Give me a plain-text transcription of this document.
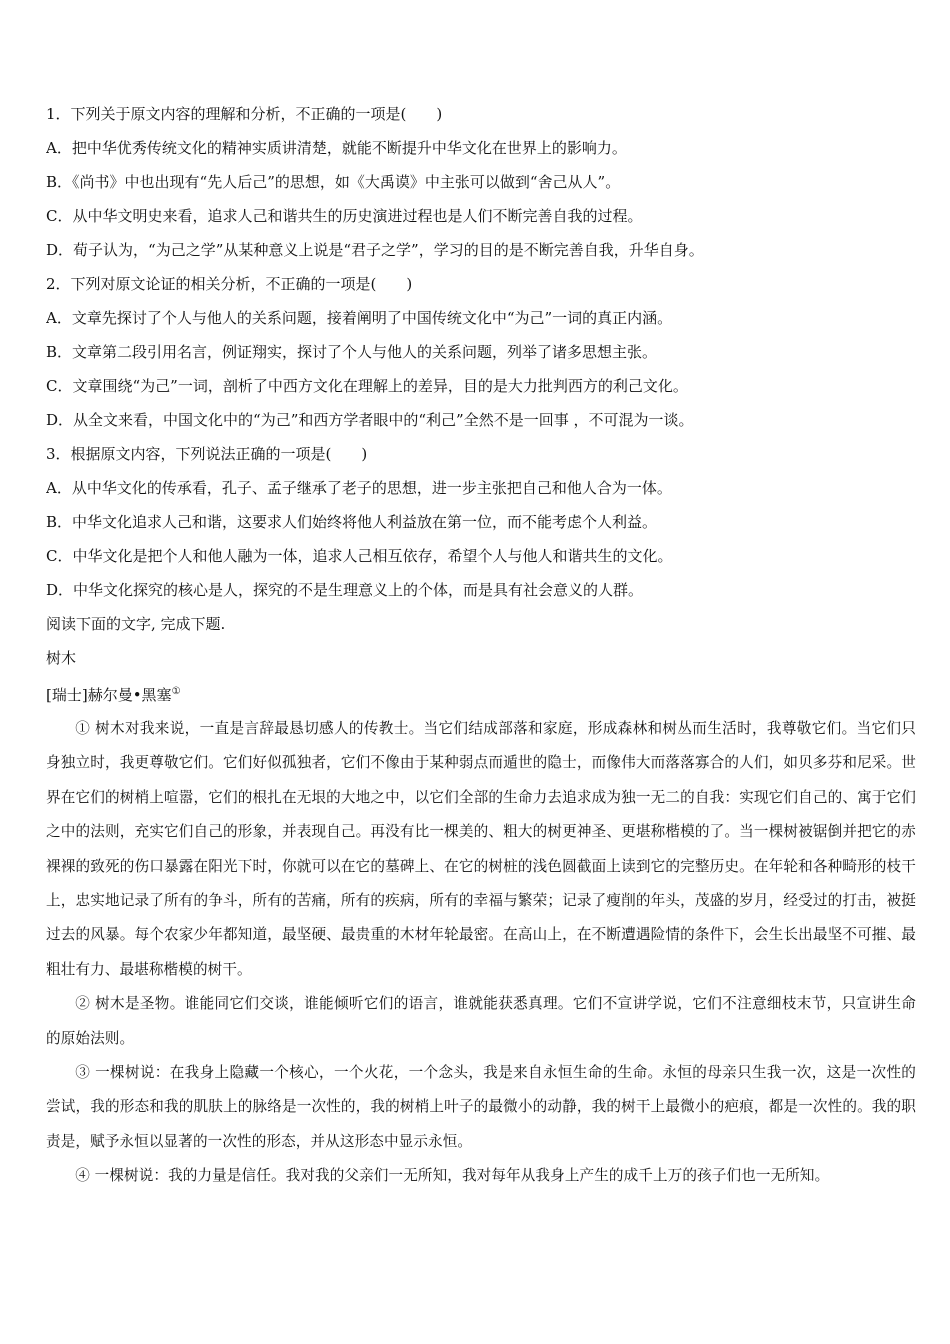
1．下列关于原文内容的理解和分析，不正确的一项是(　　)
A．把中华优秀传统文化的精神实质讲清楚，就能不断提升中华文化在世界上的影响力。
B．《尚书》中也出现有“先人后己”的思想，如《大禹谟》中主张可以做到“舍己从人”。
C．从中华文明史来看，追求人己和谐共生的历史演进过程也是人们不断完善自我的过程。
D．荀子认为，“为己之学”从某种意义上说是“君子之学”，学习的目的是不断完善自我，升华自身。
2．下列对原文论证的相关分析，不正确的一项是(　　)
A．文章先探讨了个人与他人的关系问题，接着阐明了中国传统文化中“为己”一词的真正内涵。
B．文章第二段引用名言，例证翔实，探讨了个人与他人的关系问题，列举了诸多思想主张。
C．文章围绕“为己”一词，剖析了中西方文化在理解上的差异，目的是大力批判西方的利己文化。
D．从全文来看，中国文化中的“为己”和西方学者眼中的“利己”全然不是一回事 ，不可混为一谈。
3．根据原文内容，下列说法正确的一项是(　　)
A．从中华文化的传承看，孔子、孟子继承了老子的思想，进一步主张把自己和他人合为一体。
B．中华文化追求人己和谐，这要求人们始终将他人利益放在第一位，而不能考虑个人利益。
C．中华文化是把个人和他人融为一体，追求人己相互依存，希望个人与他人和谐共生的文化。
D．中华文化探究的核心是人，探究的不是生理意义上的个体，而是具有社会意义的人群。
阅读下面的文字, 完成下题.
树木
[瑞士]赫尔曼•黑塞①
① 树木对我来说，一直是言辞最恳切感人的传教士。当它们结成部落和家庭，形成森林和树丛而生活时，我尊敬它们。当它们只身独立时，我更尊敬它们。它们好似孤独者，它们不像由于某种弱点而遁世的隐士，而像伟大而落落寡合的人们，如贝多芬和尼采。世界在它们的树梢上喧嚣，它们的根扎在无垠的大地之中，以它们全部的生命力去追求成为独一无二的自我：实现它们自己的、寓于它们之中的法则，充实它们自己的形象，并表现自己。再没有比一棵美的、粗大的树更神圣、更堪称楷模的了。当一棵树被锯倒并把它的赤裸裸的致死的伤口暴露在阳光下时，你就可以在它的墓碑上、在它的树桩的浅色圆截面上读到它的完整历史。在年轮和各种畸形的枝干上，忠实地记录了所有的争斗，所有的苦痛，所有的疾病，所有的幸福与繁荣；记录了瘦削的年头，茂盛的岁月，经受过的打击，被挺过去的风暴。每个农家少年都知道，最坚硬、最贵重的木材年轮最密。在高山上，在不断遭遇险情的条件下，会生长出最坚不可摧、最粗壮有力、最堪称楷模的树干。
② 树木是圣物。谁能同它们交谈，谁能倾听它们的语言，谁就能获悉真理。它们不宣讲学说，它们不注意细枝末节，只宣讲生命的原始法则。
③ 一棵树说：在我身上隐藏一个核心，一个火花，一个念头，我是来自永恒生命的生命。永恒的母亲只生我一次，这是一次性的尝试，我的形态和我的肌肤上的脉络是一次性的，我的树梢上叶子的最微小的动静，我的树干上最微小的疤痕，都是一次性的。我的职责是，赋予永恒以显著的一次性的形态，并从这形态中显示永恒。
④ 一棵树说：我的力量是信任。我对我的父亲们一无所知，我对每年从我身上产生的成千上万的孩子们也一无所知。
